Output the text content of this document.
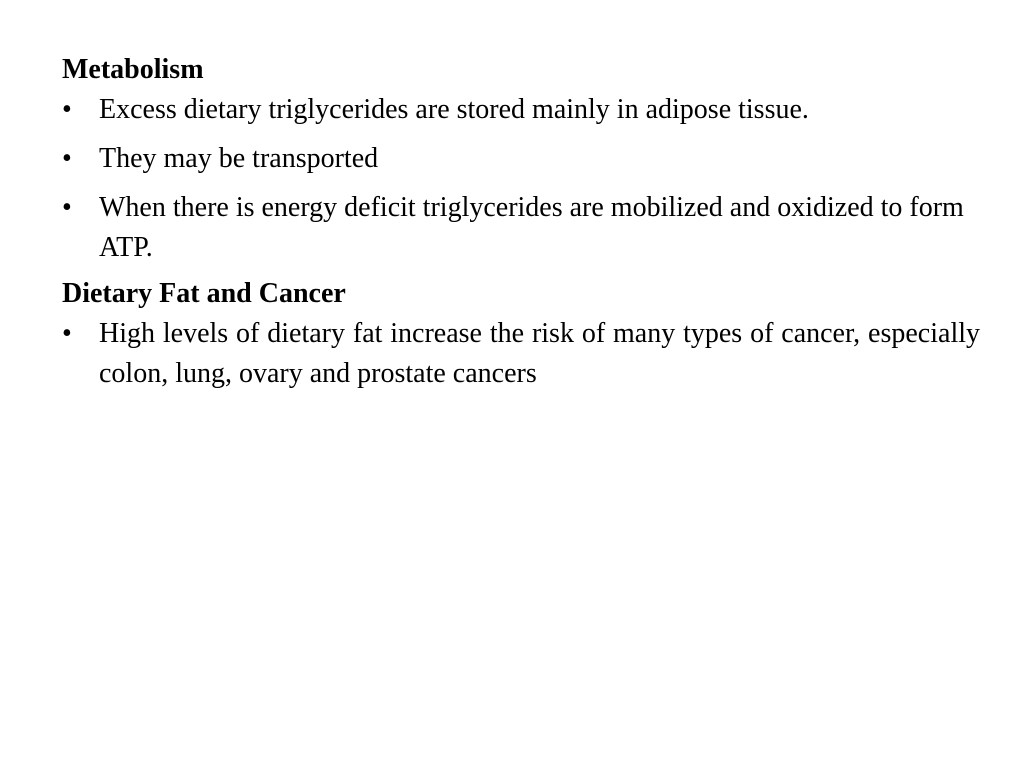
Metabolism
• Excess dietary triglycerides are stored mainly in adipose tissue.
• They may be transported
• When there is energy deficit triglycerides are mobilized and oxidized to form ATP.
Dietary Fat and Cancer
• High levels of dietary fat increase the risk of many types of cancer, especially colon, lung, ovary and prostate cancers
